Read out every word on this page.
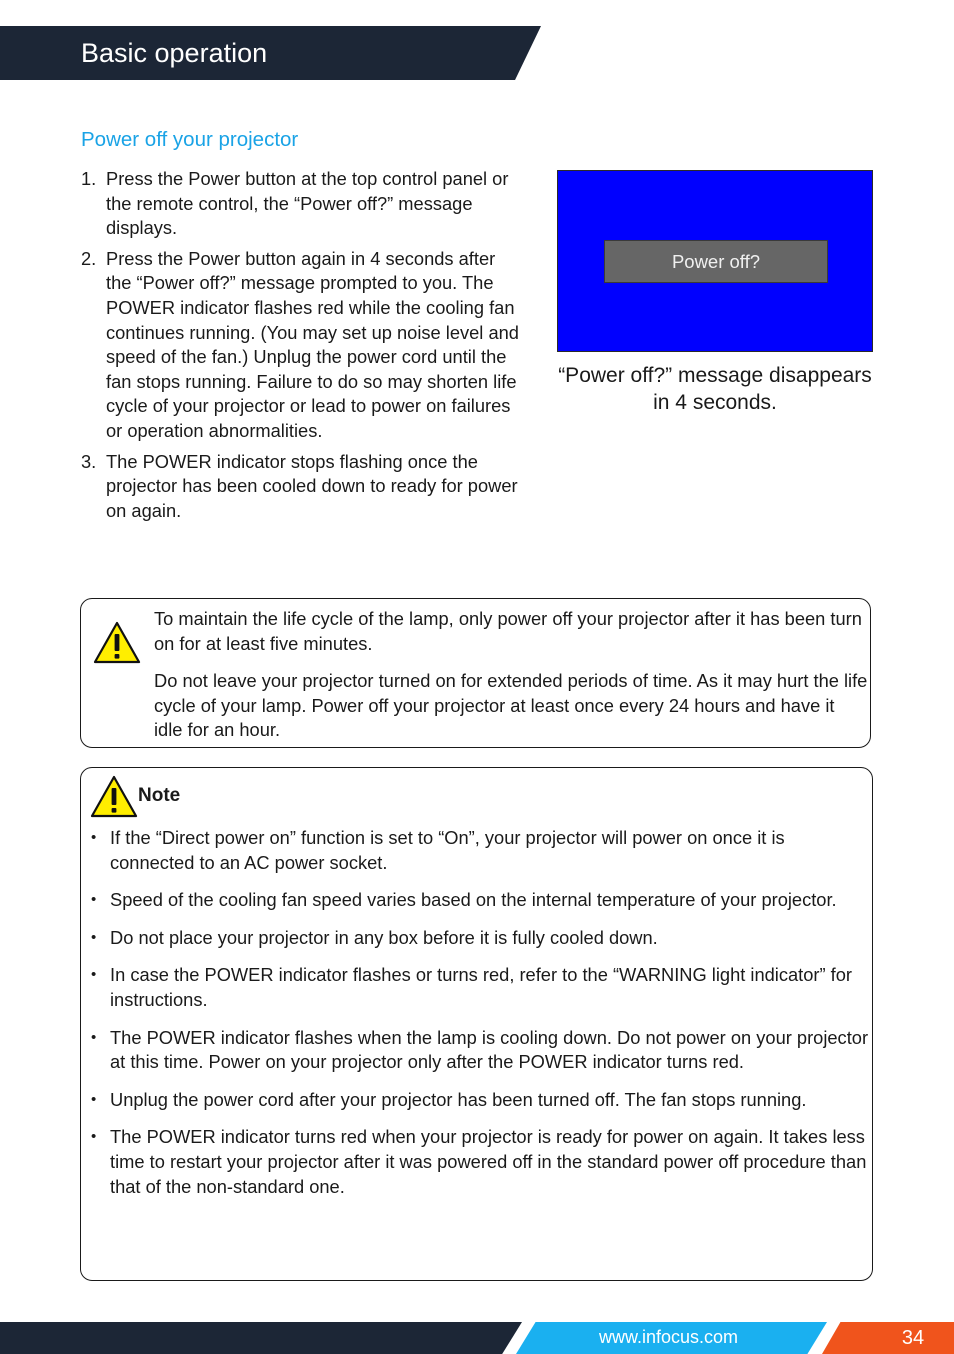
Basic operation
Power off your projector
1. Press the Power button at the top control panel or the remote control, the “Power off?” message displays.
2. Press the Power button again in 4 seconds after the “Power off?” message prompted to you. The POWER indicator flashes red while the cooling fan continues running. (You may set up noise level and speed of the fan.) Unplug the power cord until the fan stops running. Failure to do so may shorten life cycle of your projector or lead to power on failures or operation abnormalities.
3. The POWER indicator stops flashing once the projector has been cooled down to ready for power on again.
Power off?
“Power off?” message disappears in 4 seconds.

To maintain the life cycle of the lamp, only power off your projector after it has been turn on for at least five minutes.

Do not leave your projector turned on for extended periods of time. As it may hurt the life cycle of your lamp. Power off your projector at least once every 24 hours and have it idle for an hour.

Note
• If the “Direct power on” function is set to “On”, your projector will power on once it is connected to an AC power socket.
• Speed of the cooling fan speed varies based on the internal temperature of your projector.
• Do not place your projector in any box before it is fully cooled down.
• In case the POWER indicator flashes or turns red, refer to the “WARNING light indicator” for instructions.
• The POWER indicator flashes when the lamp is cooling down. Do not power on your projector at this time. Power on your projector only after the POWER indicator turns red.
• Unplug the power cord after your projector has been turned off. The fan stops running.
• The POWER indicator turns red when your projector is ready for power on again. It takes less time to restart your projector after it was powered off in the standard power off procedure than that of the non-standard one.
www.infocus.com	34
